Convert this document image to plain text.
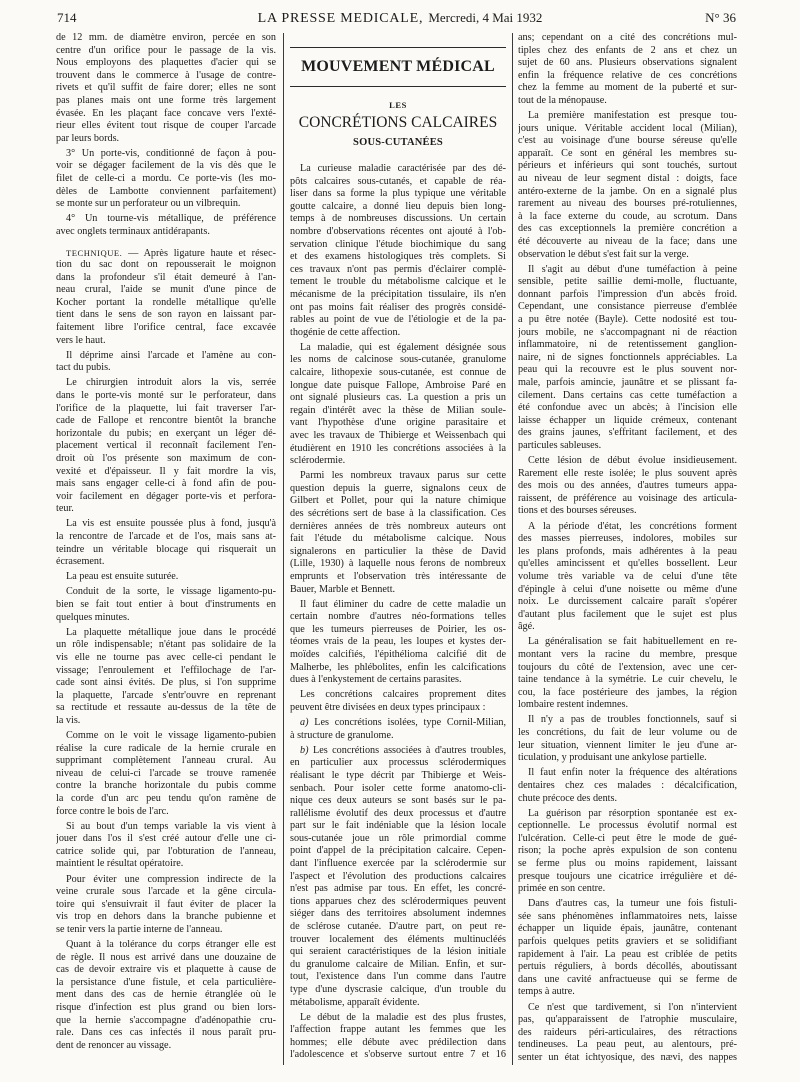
714	LA PRESSE MEDICALE, Mercredi, 4 Mai 1932	N° 36
de 12 mm. de diamètre environ, percée en son
centre d'un orifice pour le passage de la vis.
Nous employons des plaquettes d'acier qui se
trouvent dans le commerce à l'usage de contre-
rivets et qu'il suffit de faire dorer; elles ne sont
pas planes mais ont une forme très largement
évasée. En les plaçant face concave vers l'exté-
rieur elles évitent tout risque de couper l'arcade
par leurs bords.
3° Un porte-vis, conditionné de façon à pou-
voir se dégager facilement de la vis dès que le
filet de celle-ci a mordu. Ce porte-vis (les mo-
dèles de Lambotte conviennent parfaitement)
se monte sur un perforateur ou un vilbrequin.
4° Un tourne-vis métallique, de préférence
avec onglets terminaux antidérapants.
TECHNIQUE. — Après ligature haute et résec-
tion du sac dont on repousserait le moignon
dans la profondeur s'il était demeuré à l'an-
neau crural, l'aide se munit d'une pince de
Kocher portant la rondelle métallique qu'elle
tient dans le sens de son rayon en laissant par-
faitement libre l'orifice central, face excavée
vers le haut.
Il déprime ainsi l'arcade et l'amène au con-
tact du pubis.
Le chirurgien introduit alors la vis, serrée
dans le porte-vis monté sur le perforateur, dans
l'orifice de la plaquette, lui fait traverser l'ar-
cade de Fallope et rencontre bientôt la branche
horizontale du pubis; en exerçant un léger dé-
placement vertical il reconnaît facilement l'en-
droit où l'os présente son maximum de con-
vexité et d'épaisseur. Il y fait mordre la vis,
mais sans engager celle-ci à fond afin de pou-
voir facilement en dégager porte-vis et perfora-
teur.
La vis est ensuite poussée plus à fond, jusqu'à
la rencontre de l'arcade et de l'os, mais sans at-
teindre un véritable blocage qui risquerait un
écrasement.
La peau est ensuite suturée.
Conduit de la sorte, le vissage ligamento-pu-
bien se fait tout entier à bout d'instruments en
quelques minutes.
La plaquette métallique joue dans le procédé
un rôle indispensable; n'étant pas solidaire de la
vis elle ne tourne pas avec celle-ci pendant le
vissage; l'enroulement et l'effilochage de l'ar-
cade sont ainsi évités. De plus, si l'on supprime
la plaquette, l'arcade s'entr'ouvre en reprenant
sa rectitude et ressaute au-dessus de la tête de
la vis.
Comme on le voit le vissage ligamento-pubien
réalise la cure radicale de la hernie crurale en
supprimant complètement l'anneau crural. Au
niveau de celui-ci l'arcade se trouve ramenée
contre la branche horizontale du pubis comme
la corde d'un arc peu tendu qu'on ramène de
force contre le bois de l'arc.
Si au bout d'un temps variable la vis vient à
jouer dans l'os il s'est créé autour d'elle une ci-
catrice solide qui, par l'obturation de l'anneau,
maintient le résultat opératoire.
Pour éviter une compression indirecte de la
veine crurale sous l'arcade et la gêne circula-
toire qui s'ensuivrait il faut éviter de placer la
vis trop en dehors dans la branche pubienne et
se tenir vers la partie interne de l'anneau.
Quant à la tolérance du corps étranger elle est
de règle. Il nous est arrivé dans une douzaine de
cas de devoir extraire vis et plaquette à cause de
la persistance d'une fistule, et cela particulière-
ment dans des cas de hernie étranglée où le
risque d'infection est plus grand ou bien lors-
que la hernie s'accompagne d'adénopathie cru-
rale. Dans ces cas infectés il nous paraît pru-
dent de renoncer au vissage.
MOUVEMENT MÉDICAL
LES
CONCRÉTIONS CALCAIRES
SOUS-CUTANÉES
La curieuse maladie caractérisée par des dé-
pôts calcaires sous-cutanés, et capable de réa-
liser dans sa forme la plus typique une véritable
goutte calcaire, a donné lieu depuis bien long-
temps à de nombreuses discussions. Un certain
nombre d'observations récentes ont ajouté à l'ob-
servation clinique l'étude biochimique du sang
et des examens histologiques très complets. Si
ces travaux n'ont pas permis d'éclairer complè-
tement le trouble du métabolisme calcique et le
mécanisme de la précipitation tissulaire, ils n'en
ont pas moins fait réaliser des progrès considé-
rables au point de vue de l'étiologie et de la pa-
thogénie de cette affection.
La maladie, qui est également désignée sous
les noms de calcinose sous-cutanée, granulome
calcaire, lithopexie sous-cutanée, est connue de
longue date puisque Fallope, Ambroise Paré en
ont signalé plusieurs cas. La question a pris un
regain d'intérêt avec la thèse de Milian soule-
vant l'hypothèse d'une origine parasitaire et
avec les travaux de Thibierge et Weissenbach qui
étudièrent en 1910 les concrétions associées à la
sclérodermie.
Parmi les nombreux travaux parus sur cette
question depuis la guerre, signalons ceux de
Gilbert et Pollet, pour qui la nature chimique
des sécrétions sert de base à la classification. Ces
dernières années de très nombreux auteurs ont
fait l'étude du métabolisme calcique. Nous
signalerons en particulier la thèse de David
(Lille, 1930) à laquelle nous ferons de nombreux
emprunts et l'observation très intéressante de
Bauer, Marble et Bennett.
Il faut éliminer du cadre de cette maladie un
certain nombre d'autres néo-formations telles
que les tumeurs pierreuses de Poirier, les os-
téomes vrais de la peau, les loupes et kystes der-
moïdes calcifiés, l'épithélioma calcifié dit de
Malherbe, les phlébolites, enfin les calcifications
dues à l'enkystement de certains parasites.
Les concrétions calcaires proprement dites
peuvent être divisées en deux types principaux :
a) Les concrétions isolées, type Cornil-Milian,
à structure de granulome.
b) Les concrétions associées à d'autres troubles,
en particulier aux processus sclérodermiques
réalisant le type décrit par Thibierge et Weis-
senbach. Pour isoler cette forme anatomo-cli-
nique ces deux auteurs se sont basés sur le pa-
rallélisme évolutif des deux processus et d'autre
part sur le fait indéniable que la lésion locale
sous-cutanée joue un rôle primordial comme
point d'appel de la précipitation calcaire. Cepen-
dant l'influence exercée par la sclérodermie sur
l'aspect et l'évolution des productions calcaires
n'est pas admise par tous. En effet, les concré-
tions apparues chez des sclérodermiques peuvent
siéger dans des territoires absolument indemnes
de sclérose cutanée. D'autre part, on peut re-
trouver localement des éléments multinucléés
qui seraient caractéristiques de la lésion initiale
du granulome calcaire de Milian. Enfin, et sur-
tout, l'existence dans l'un comme dans l'autre
type d'une dyscrasie calcique, d'un trouble du
métabolisme, apparaît évidente.
Le début de la maladie est des plus frustes,
l'affection frappe autant les femmes que les
hommes; elle débute avec prédilection dans
l'adolescence et s'observe surtout entre 7 et 16
ans; cependant on a cité des concrétions mul-
tiples chez des enfants de 2 ans et chez un
sujet de 60 ans. Plusieurs observations signalent
enfin la fréquence relative de ces concrétions
chez la femme au moment de la puberté et sur-
tout de la ménopause.
La première manifestation est presque tou-
jours unique. Véritable accident local (Milian),
c'est au voisinage d'une bourse séreuse qu'elle
apparaît. Ce sont en général les membres su-
périeurs et inférieurs qui sont touchés, surtout
au niveau de leur segment distal : doigts, face
antéro-externe de la jambe. On en a signalé plus
rarement au niveau des bourses pré-rotuliennes,
à la face externe du coude, au scrotum. Dans
des cas exceptionnels la première concrétion a
été découverte au niveau de la face; dans une
observation le début s'est fait sur la verge.
Il s'agit au début d'une tuméfaction à peine
sensible, petite saillie demi-molle, fluctuante,
donnant parfois l'impression d'un abcès froid.
Cependant, une consistance pierreuse d'emblée
a pu être notée (Bayle). Cette nodosité est tou-
jours mobile, ne s'accompagnant ni de réaction
inflammatoire, ni de retentissement ganglion-
naire, ni de signes fonctionnels appréciables. La
peau qui la recouvre est le plus souvent nor-
male, parfois amincie, jaunâtre et se plissant fa-
cilement. Dans certains cas cette tuméfaction a
été confondue avec un abcès; à l'incision elle
laisse échapper un liquide crémeux, contenant
des grains jaunes, s'effritant facilement, et des
particules sableuses.
Cette lésion de début évolue insidieusement.
Rarement elle reste isolée; le plus souvent après
des mois ou des années, d'autres tumeurs appa-
raissent, de préférence au voisinage des articula-
tions et des bourses séreuses.
A la période d'état, les concrétions forment
des masses pierreuses, indolores, mobiles sur
les plans profonds, mais adhérentes à la peau
qu'elles amincissent et qu'elles bossellent. Leur
volume très variable va de celui d'une tête
d'épingle à celui d'une noisette ou même d'une
noix. Le durcissement calcaire paraît s'opérer
d'autant plus facilement que le sujet est plus
âgé.
La généralisation se fait habituellement en re-
montant vers la racine du membre, presque
toujours du côté de l'extension, avec une cer-
taine tendance à la symétrie. Le cuir chevelu, le
cou, la face postérieure des jambes, la région
lombaire restent indemnes.
Il n'y a pas de troubles fonctionnels, sauf si
les concrétions, du fait de leur volume ou de
leur situation, viennent limiter le jeu d'une ar-
ticulation, y produisant une ankylose partielle.
Il faut enfin noter la fréquence des altérations
dentaires chez ces malades : décalcification,
chute précoce des dents.
La guérison par résorption spontanée est ex-
ceptionnelle. Le processus évolutif normal est
l'ulcération. Celle-ci peut être le mode de gué-
rison; la poche après expulsion de son contenu
se ferme plus ou moins rapidement, laissant
presque toujours une cicatrice irrégulière et dé-
primée en son centre.
Dans d'autres cas, la tumeur une fois fistuli-
sée sans phénomènes inflammatoires nets, laisse
échapper un liquide épais, jaunâtre, contenant
parfois quelques petits graviers et se solidifiant
rapidement à l'air. La peau est criblée de petits
pertuis réguliers, à bords décollés, aboutissant
dans une cavité anfractueuse qui se ferme de
temps à autre.
Ce n'est que tardivement, si l'on n'intervient
pas, qu'apparaissent de l'atrophie musculaire,
des raideurs péri-articulaires, des rétractions
tendineuses. La peau peut, au alentours, pré-
senter un état ichtyosique, des nævi, des nappes
